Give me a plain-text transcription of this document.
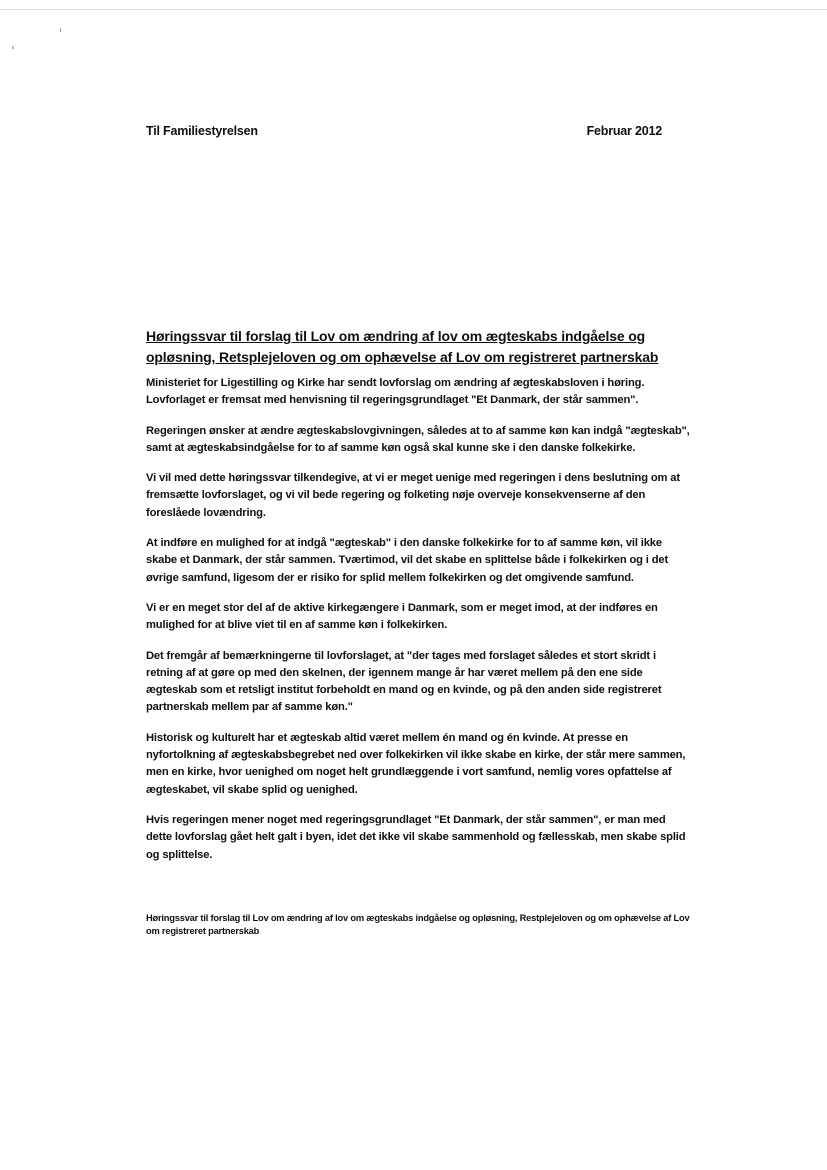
Til Familiestyrelsen	Februar 2012
Høringssvar til forslag til Lov om ændring af lov om ægteskabs indgåelse og opløsning, Retsplejeloven og om ophævelse af Lov om registreret partnerskab

Ministeriet for Ligestilling og Kirke har sendt lovforslag om ændring af ægteskabsloven i høring. Lovforlaget er fremsat med henvisning til regeringsgrundlaget "Et Danmark, der står sammen".

Regeringen ønsker at ændre ægteskabslovgivningen, således at to af samme køn kan indgå "ægteskab", samt at ægteskabsindgåelse for to af samme køn også skal kunne ske i den danske folkekirke.

Vi vil med dette høringssvar tilkendegive, at vi er meget uenige med regeringen i dens beslutning om at fremsætte lovforslaget, og vi vil bede regering og folketing nøje overveje konsekvenserne af den foreslåede lovændring.

At indføre en mulighed for at indgå "ægteskab" i den danske folkekirke for to af samme køn, vil ikke skabe et Danmark, der står sammen. Tværtimod, vil det skabe en splittelse både i folkekirken og i det øvrige samfund, ligesom der er risiko for splid mellem folkekirken og det omgivende samfund.

Vi er en meget stor del af de aktive kirkegængere i Danmark, som er meget imod, at der indføres en mulighed for at blive viet til en af samme køn i folkekirken.

Det fremgår af bemærkningerne til lovforslaget, at "der tages med forslaget således et stort skridt i retning af at gøre op med den skelnen, der igennem mange år har været mellem på den ene side ægteskab som et retsligt institut forbeholdt en mand og en kvinde, og på den anden side registreret partnerskab mellem par af samme køn."

Historisk og kulturelt har et ægteskab altid været mellem én mand og én kvinde. At presse en nyfortolkning af ægteskabsbegrebet ned over folkekirken vil ikke skabe en kirke, der står mere sammen, men en kirke, hvor uenighed om noget helt grundlæggende i vort samfund, nemlig vores opfattelse af ægteskabet, vil skabe splid og uenighed.

Hvis regeringen mener noget med regeringsgrundlaget "Et Danmark, der står sammen", er man med dette lovforslag gået helt galt i byen, idet det ikke vil skabe sammenhold og fællesskab, men skabe splid og splittelse.

Høringssvar til forslag til Lov om ændring af lov om ægteskabs indgåelse og opløsning, Restplejeloven og om ophævelse af Lov om registreret partnerskab
